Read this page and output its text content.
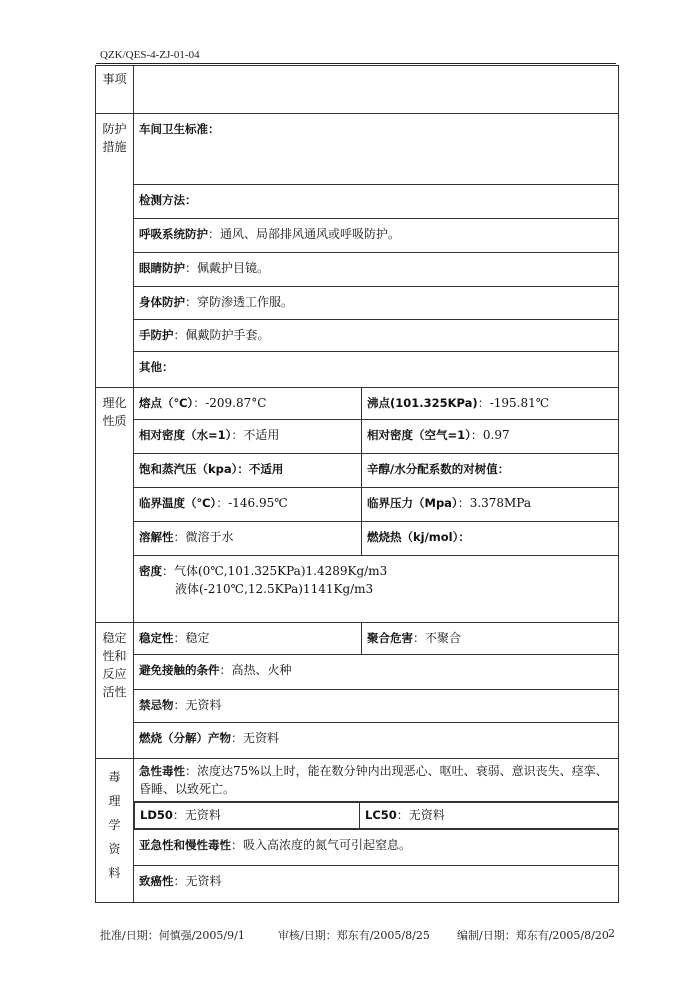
QZK/QES-4-ZJ-01-04
事项	
防护
措施	车间卫生标准：
检测方法：
呼吸系统防护：通风、局部排风通风或呼吸防护。
眼睛防护：佩戴护目镜。
身体防护：穿防渗透工作服。
手防护：佩戴防护手套。
其他：
理化
性质	熔点（℃）：-209.87°C	沸点(101.325KPa)：-195.81℃
相对密度（水=1）：不适用	相对密度（空气=1）：0.97
饱和蒸汽压（kpa）：不适用	辛醇/水分配系数的对树值：
临界温度（℃）：-146.95℃	临界压力（Mpa）：3.378MPa
溶解性：微溶于水	燃烧热（kj/mol）：
密度：气体(0℃,101.325KPa)1.4289Kg/m3
液体(-210℃,12.5KPa)1141Kg/m3

稳定
性和
反应
活性	稳定性：稳定	聚合危害：不聚合
避免接触的条件：高热、火种
禁忌物：无资料
燃烧（分解）产物：无资料
毒
理
学
资
料	急性毒性：浓度达75%以上时，能在数分钟内出现恶心、呕吐、衰弱、意识丧失、痉挛、昏睡、以致死亡。

LD50：无资料	LC50：无资料

亚急性和慢性毒性：吸入高浓度的氮气可引起窒息。
致癌性：无资料
批准/日期：何慎强/2005/9/1	审核/日期：郑东有/2005/8/25 编制/日期：郑东有/2005/8/20 2
